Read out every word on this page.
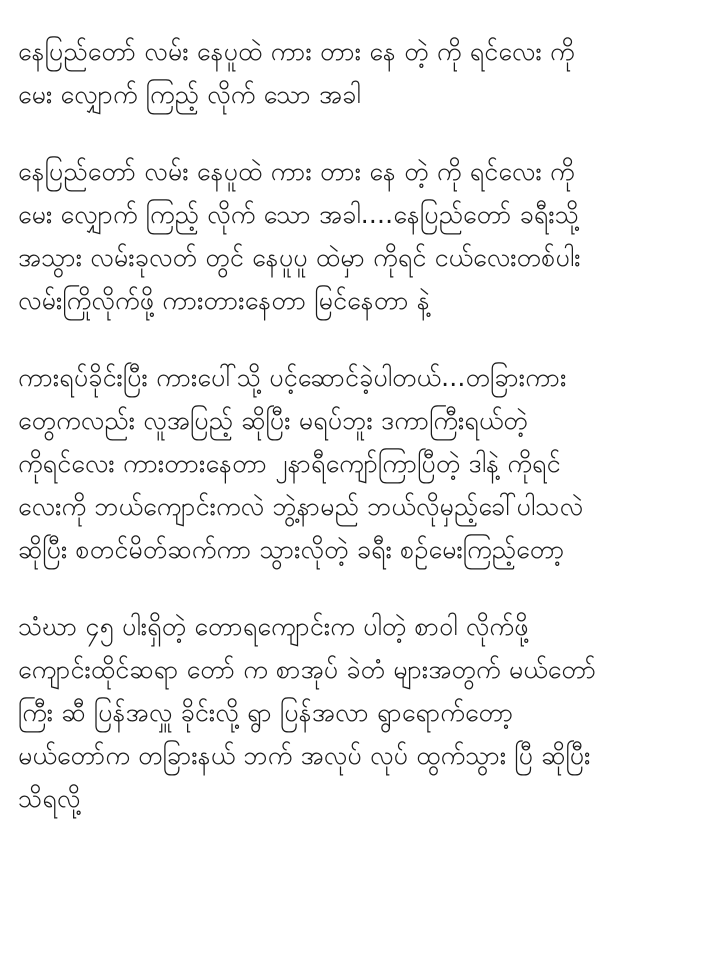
နေပြည်တော် လမ်း နေပူထဲ ကား တား နေ တဲ့ ကို ရင်လေး ကို
မေး လျှောက် ကြည့် လိုက် သော အခါ
နေပြည်တော် လမ်း နေပူထဲ ကား တား နေ တဲ့ ကို ရင်လေး ကို
မေး လျှောက် ကြည့် လိုက် သော အခါ....နေပြည်တော် ခရီးသို့
အသွား လမ်းခုလတ် တွင် နေပူပူ ထဲမှာ ကိုရင် ငယ်လေးတစ်ပါး
လမ်းကြိုလိုက်ဖို့ ကားတားနေတာ မြင်နေတာ နဲ့
ကားရပ်ခိုင်းပြီး ကားပေါ်သို့ ပင့်ဆောင်ခဲ့ပါတယ်...တခြားကား
တွေကလည်း လူအပြည့် ဆိုပြီး မရပ်ဘူး ဒကာကြီးရယ်တဲ့
ကိုရင်လေး ကားတားနေတာ ၂နာရီကျော်ကြာပြီတဲ့ ဒါနဲ့ ကိုရင်
လေးကို ဘယ်ကျောင်းကလဲ ဘွဲ့နာမည် ဘယ်လိုမှည့်ခေါ်ပါသလဲ
ဆိုပြီး စတင်မိတ်ဆက်ကာ သွားလိုတဲ့ ခရီး စဉ်မေးကြည့်တော့
သံဃာ ၄၅ ပါးရှိတဲ့ တောရကျောင်းက ပါတဲ့ စာဝါ လိုက်ဖို့
ကျောင်းထိုင်ဆရာ တော် က စာအုပ် ခဲတံ များအတွက် မယ်တော်
ကြီး ဆီ ပြန်အလှူ ခိုင်းလို့ ရွာ ပြန်အလာ ရွာရောက်တော့
မယ်တော်က တခြားနယ် ဘက် အလုပ် လုပ် ထွက်သွား ပြီ ဆိုပြီး
သိရလို့
